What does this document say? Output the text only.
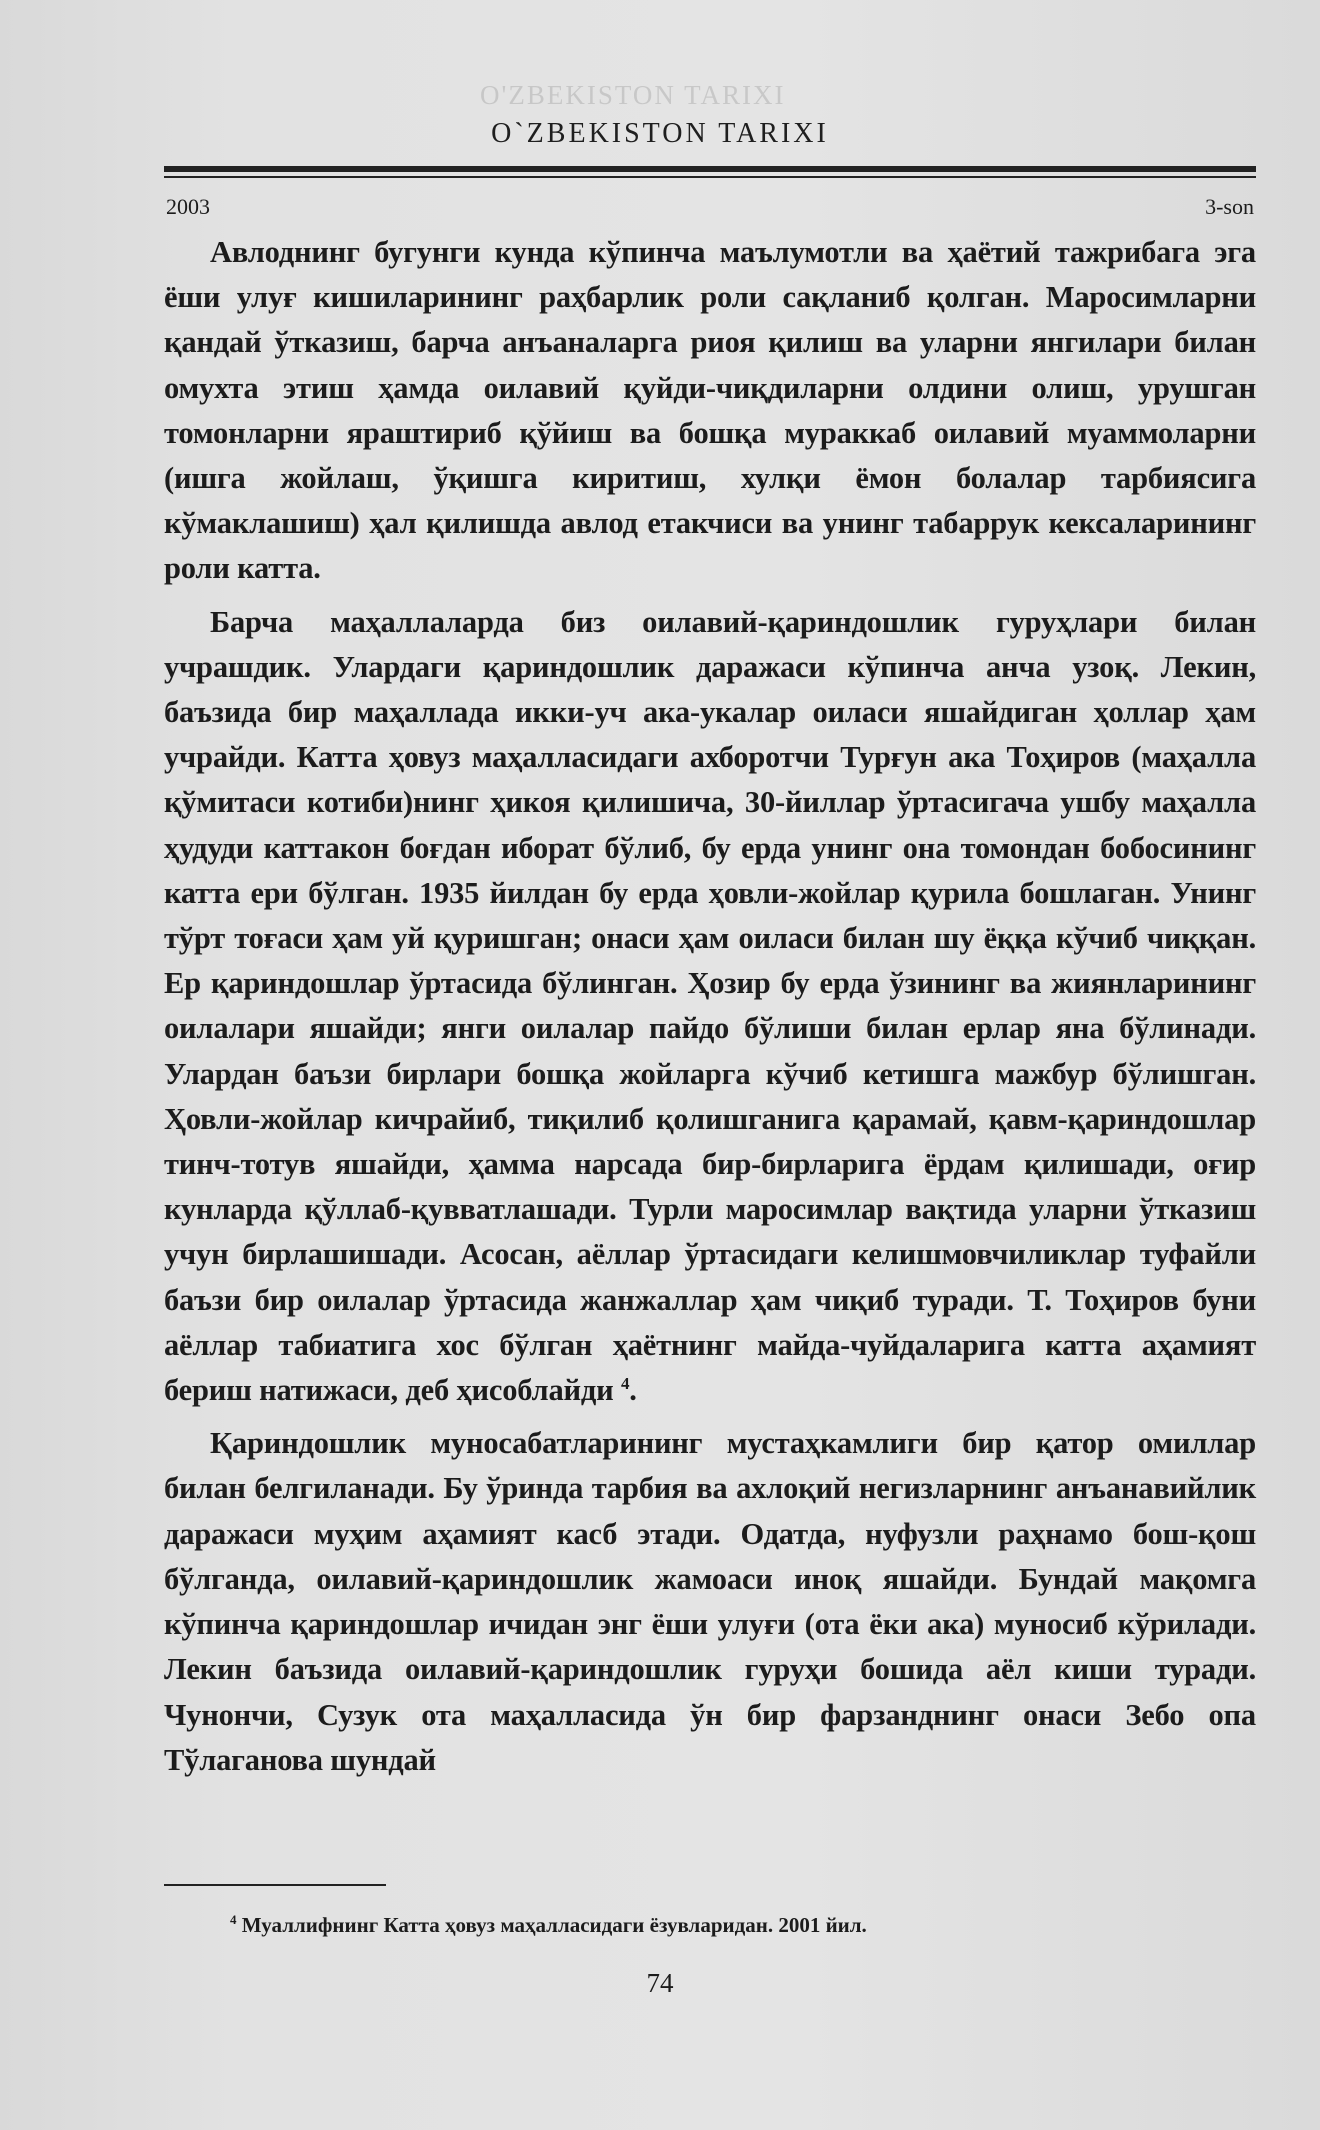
O'ZBEKISTON TARIXI
O`ZBEKISTON TARIXI
2003	3-son

Авлоднинг бугунги кунда кўпинча маълумотли ва ҳаётий тажрибага эга ёши улуғ кишиларининг раҳбарлик роли сақланиб қолган. Маросимларни қандай ўтказиш, барча анъаналарга риоя қилиш ва уларни янгилари билан омухта этиш ҳамда оилавий қуйди-чиқдиларни олдини олиш, урушган томонларни яраштириб қўйиш ва бошқа мураккаб оилавий муаммоларни (ишга жойлаш, ўқишга киритиш, хулқи ёмон болалар тарбиясига кўмаклашиш) ҳал қилишда авлод етакчиси ва унинг табаррук кексаларининг роли катта.

Барча маҳаллаларда биз оилавий-қариндошлик гуруҳлари билан учрашдик. Улардаги қариндошлик даражаси кўпинча анча узоқ. Лекин, баъзида бир маҳаллада икки-уч ака-укалар оиласи яшайдиган ҳоллар ҳам учрайди. Катта ҳовуз маҳалласидаги ахборотчи Турғун ака Тоҳиров (маҳалла қўмитаси котиби)нинг ҳикоя қилишича, 30-йиллар ўртасигача ушбу маҳалла ҳудуди каттакон боғдан иборат бўлиб, бу ерда унинг она томондан бобосининг катта ери бўлган. 1935 йилдан бу ерда ҳовли-жойлар қурила бошлаган. Унинг тўрт тоғаси ҳам уй қуришган; онаси ҳам оиласи билан шу ёққа кўчиб чиққан. Ер қариндошлар ўртасида бўлинган. Ҳозир бу ерда ўзининг ва жиянларининг оилалари яшайди; янги оилалар пайдо бўлиши билан ерлар яна бўлинади. Улардан баъзи бирлари бошқа жойларга кўчиб кетишга мажбур бўлишган. Ҳовли-жойлар кичрайиб, тиқилиб қолишганига қарамай, қавм-қариндошлар тинч-тотув яшайди, ҳамма нарсада бир-бирларига ёрдам қилишади, оғир кунларда қўллаб-қувватлашади. Турли маросимлар вақтида уларни ўтказиш учун бирлашишади. Асосан, аёллар ўртасидаги келишмовчиликлар туфайли баъзи бир оилалар ўртасида жанжаллар ҳам чиқиб туради. Т. Тоҳиров буни аёллар табиатига хос бўлган ҳаётнинг майда-чуйдаларига катта аҳамият бериш натижаси, деб ҳисоблайди $^4$.

Қариндошлик муносабатларининг мустаҳкамлиги бир қатор омиллар билан белгиланади. Бу ўринда тарбия ва ахлоқий негизларнинг анъанавийлик даражаси муҳим аҳамият касб этади. Одатда, нуфузли раҳнамо бош-қош бўлганда, оилавий-қариндошлик жамоаси иноқ яшайди. Бундай мақомга кўпинча қариндошлар ичидан энг ёши улуғи (ота ёки ака) муносиб кўрилади. Лекин баъзида оилавий-қариндошлик гуруҳи бошида аёл киши туради. Чунончи, Сузук ота маҳалласида ўн бир фарзанднинг онаси Зебо опа Тўлаганова шундай

$^4$ Муаллифнинг Катта ҳовуз маҳалласидаги ёзувларидан. 2001 йил.
74
